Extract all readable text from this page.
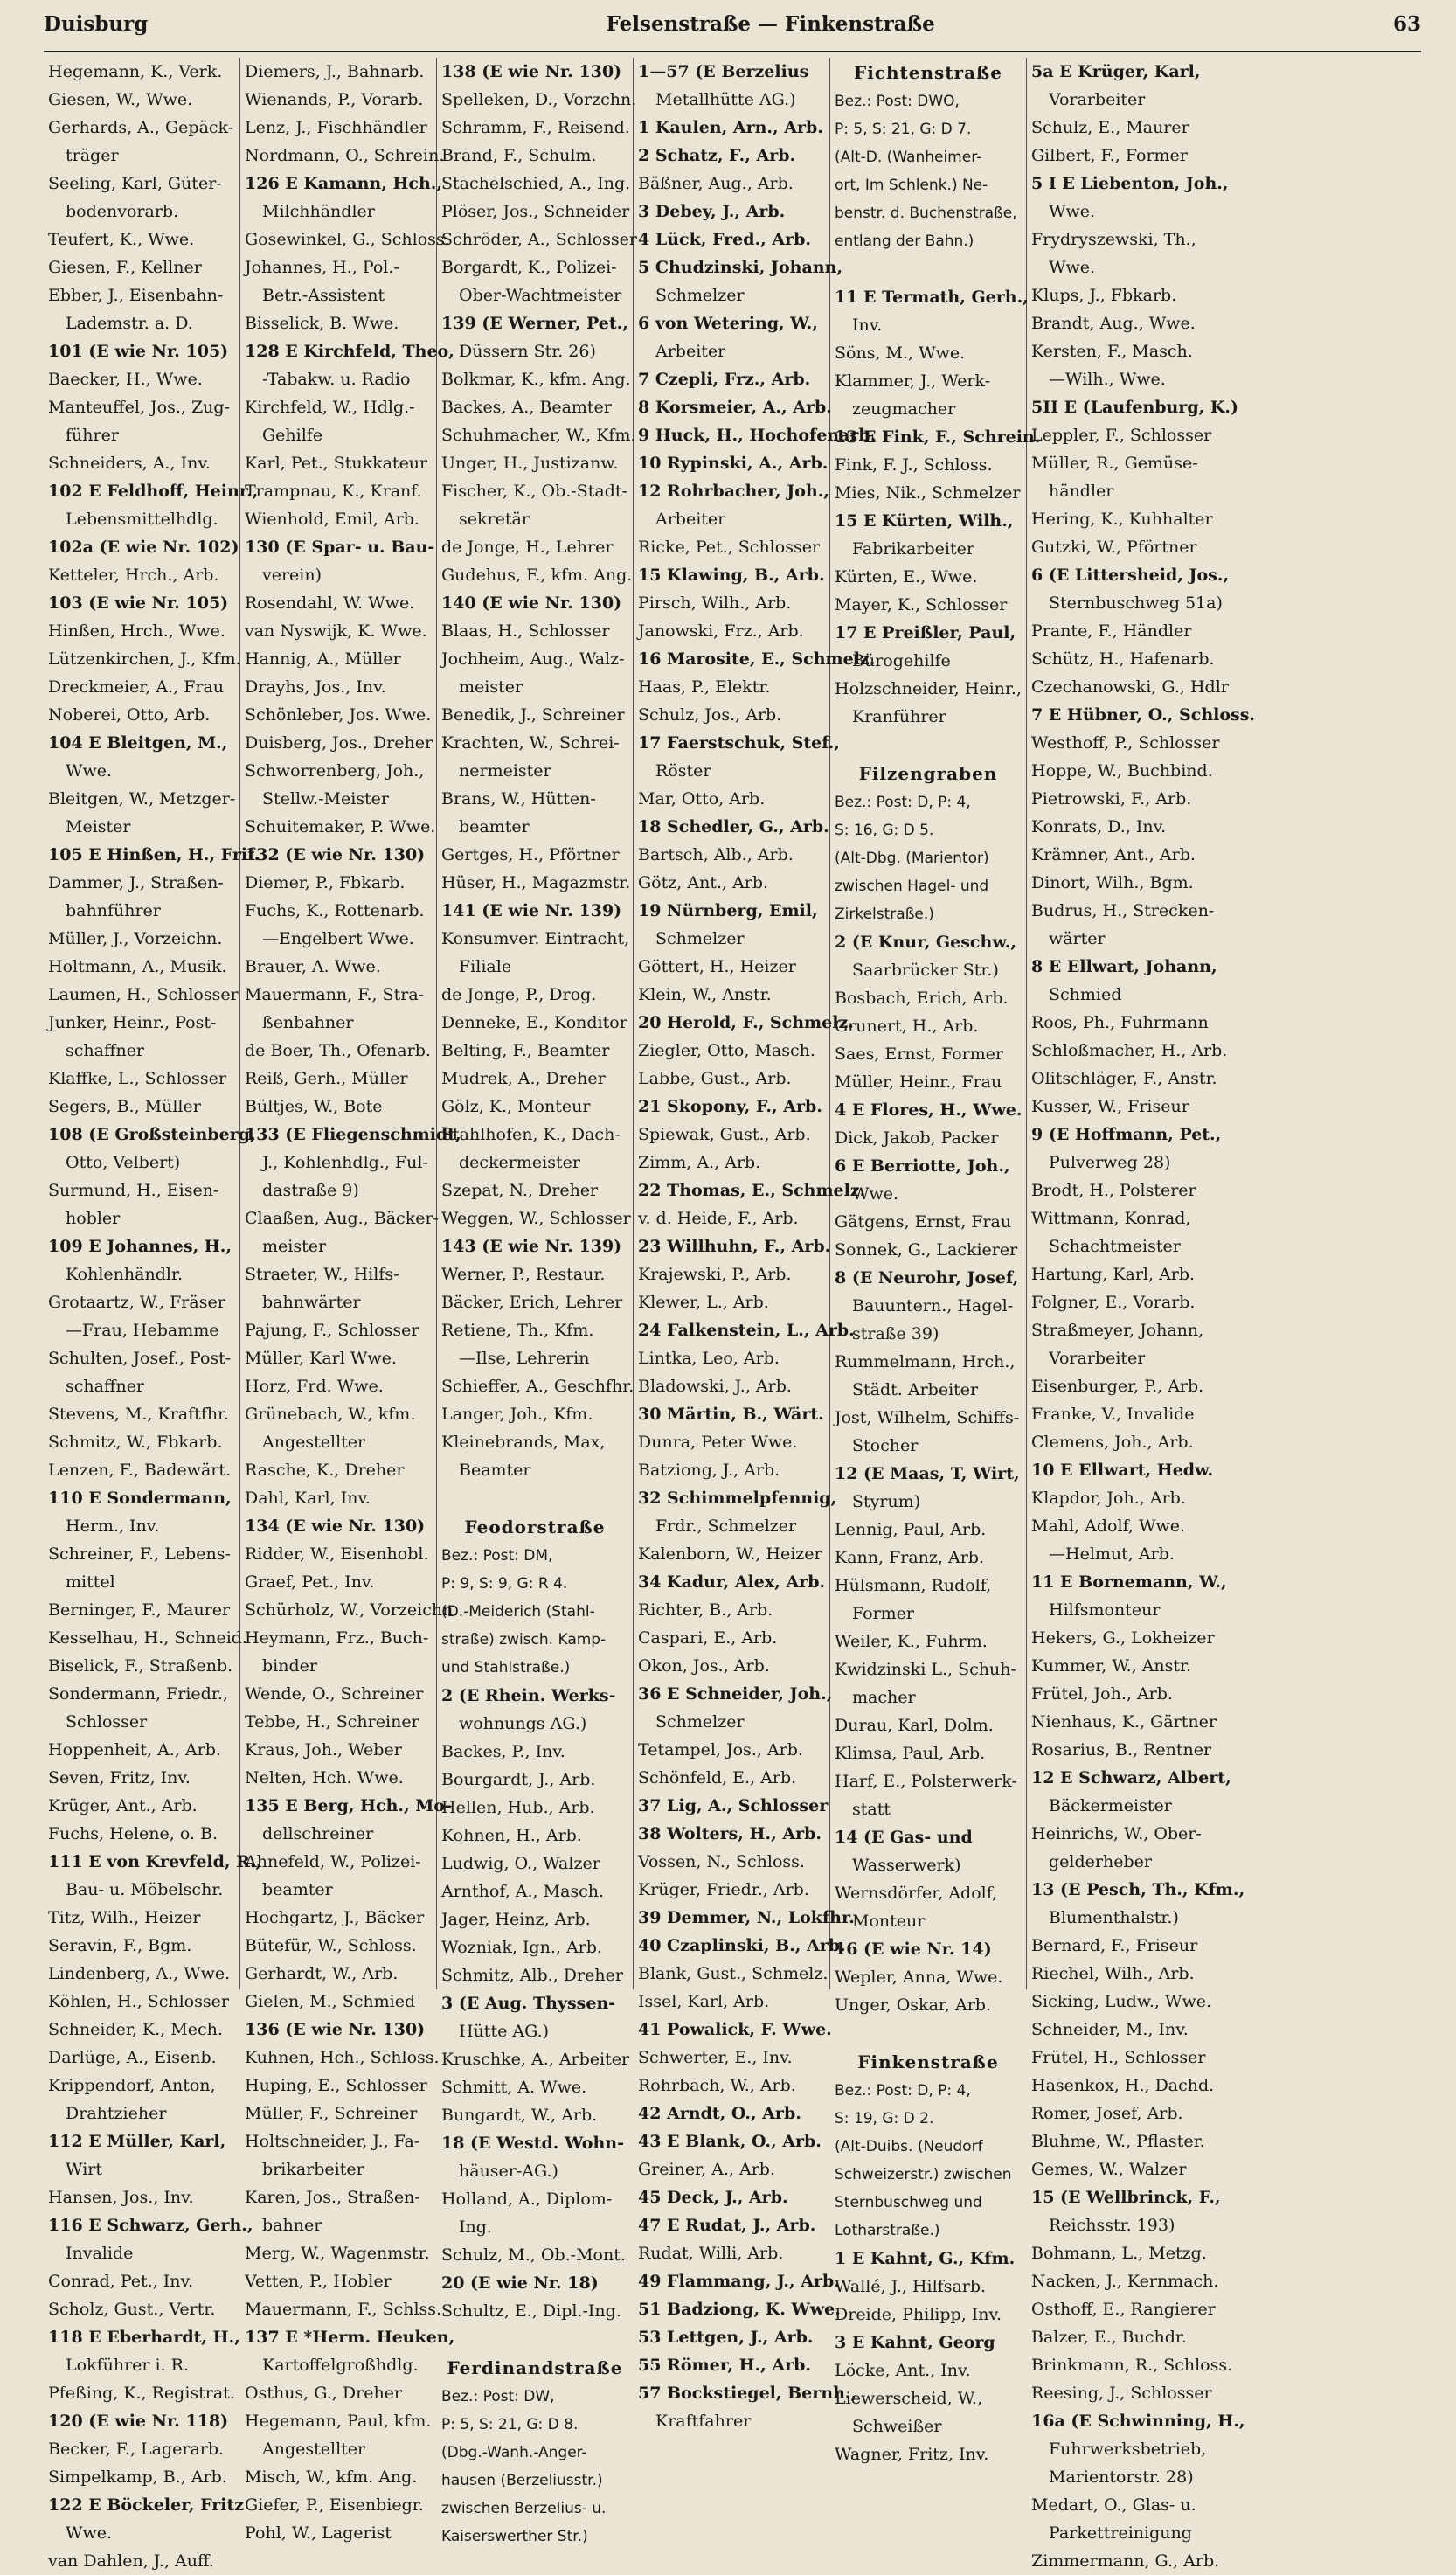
Duisburg	Felsenstraße — Finkenstraße	63
Hegemann, K., Verk.
Giesen, W., Wwe.
Gerhards, A., Gepäck-
träger
Seeling, Karl, Güter-
bodenvorarb.
Teufert, K., Wwe.
Giesen, F., Kellner
Ebber, J., Eisenbahn-
Lademstr. a. D.
101 (E wie Nr. 105)
Baecker, H., Wwe.
Manteuffel, Jos., Zug-
führer
Schneiders, A., Inv.
102 E Feldhoff, Heinr.,
Lebensmittelhdlg.
102a (E wie Nr. 102)
Ketteler, Hrch., Arb.
103 (E wie Nr. 105)
Hinßen, Hrch., Wwe.
Lützenkirchen, J., Kfm.
Dreckmeier, A., Frau
Noberei, Otto, Arb.
104 E Bleitgen, M.,
Wwe.
Bleitgen, W., Metzger-
Meister
105 E Hinßen, H., Frif.
Dammer, J., Straßen-
bahnführer
Müller, J., Vorzeichn.
Holtmann, A., Musik.
Laumen, H., Schlosser
Junker, Heinr., Post-
schaffner
Klaffke, L., Schlosser
Segers, B., Müller
108 (E Großsteinberg,
Otto, Velbert)
Surmund, H., Eisen-
hobler
109 E Johannes, H.,
Kohlenhändlr.
Grotaartz, W., Fräser
—Frau, Hebamme
Schulten, Josef., Post-
schaffner
Stevens, M., Kraftfhr.
Schmitz, W., Fbkarb.
Lenzen, F., Badewärt.
110 E Sondermann,
Herm., Inv.
Schreiner, F., Lebens-
mittel
Berninger, F., Maurer
Kesselhau, H., Schneid.
Biselick, F., Straßenb.
Sondermann, Friedr.,
Schlosser
Hoppenheit, A., Arb.
Seven, Fritz, Inv.
Krüger, Ant., Arb.
Fuchs, Helene, o. B.
111 E von Krevfeld, R.,
Bau- u. Möbelschr.
Titz, Wilh., Heizer
Seravin, F., Bgm.
Lindenberg, A., Wwe.
Köhlen, H., Schlosser
Schneider, K., Mech.
Darlüge, A., Eisenb.
Krippendorf, Anton,
Drahtzieher
112 E Müller, Karl,
Wirt
Hansen, Jos., Inv.
116 E Schwarz, Gerh.,
Invalide
Conrad, Pet., Inv.
Scholz, Gust., Vertr.
118 E Eberhardt, H.,
Lokführer i. R.
Pfeßing, K., Registrat.
120 (E wie Nr. 118)
Becker, F., Lagerarb.
Simpelkamp, B., Arb.
122 E Böckeler, Fritz
Wwe.
van Dahlen, J., Auff.
Diemers, J., Bahnarb.
Wienands, P., Vorarb.
Lenz, J., Fischhändler
Nordmann, O., Schrein.
126 E Kamann, Hch.,
Milchhändler
Gosewinkel, G., Schloss.
Johannes, H., Pol.-
Betr.-Assistent
Bisselick, B. Wwe.
128 E Kirchfeld, Theo,
-Tabakw. u. Radio
Kirchfeld, W., Hdlg.-
Gehilfe
Karl, Pet., Stukkateur
Trampnau, K., Kranf.
Wienhold, Emil, Arb.
130 (E Spar- u. Bau-
verein)
Rosendahl, W. Wwe.
van Nyswijk, K. Wwe.
Hannig, A., Müller
Drayhs, Jos., Inv.
Schönleber, Jos. Wwe.
Duisberg, Jos., Dreher
Schworrenberg, Joh.,
Stellw.-Meister
Schuitemaker, P. Wwe.
132 (E wie Nr. 130)
Diemer, P., Fbkarb.
Fuchs, K., Rottenarb.
—Engelbert Wwe.
Brauer, A. Wwe.
Mauermann, F., Stra-
ßenbahner
de Boer, Th., Ofenarb.
Reiß, Gerh., Müller
Bültjes, W., Bote
133 (E Fliegenschmidt,
J., Kohlenhdlg., Ful-
dastraße 9)
Claaßen, Aug., Bäcker-
meister
Straeter, W., Hilfs-
bahnwärter
Pajung, F., Schlosser
Müller, Karl Wwe.
Horz, Frd. Wwe.
Grünebach, W., kfm.
Angestellter
Rasche, K., Dreher
Dahl, Karl, Inv.
134 (E wie Nr. 130)
Ridder, W., Eisenhobl.
Graef, Pet., Inv.
Schürholz, W., Vorzeichn.
Heymann, Frz., Buch-
binder
Wende, O., Schreiner
Tebbe, H., Schreiner
Kraus, Joh., Weber
Nelten, Hch. Wwe.
135 E Berg, Hch., Mo-
dellschreiner
Ahnefeld, W., Polizei-
beamter
Hochgartz, J., Bäcker
Bütefür, W., Schloss.
Gerhardt, W., Arb.
Gielen, M., Schmied
136 (E wie Nr. 130)
Kuhnen, Hch., Schloss.
Huping, E., Schlosser
Müller, F., Schreiner
Holtschneider, J., Fa-
brikarbeiter
Karen, Jos., Straßen-
bahner
Merg, W., Wagenmstr.
Vetten, P., Hobler
Mauermann, F., Schlss.
137 E *Herm. Heuken,
Kartoffelgroßhdlg.
Osthus, G., Dreher
Hegemann, Paul, kfm.
Angestellter
Misch, W., kfm. Ang.
Giefer, P., Eisenbiegr.
Pohl, W., Lagerist
138 (E wie Nr. 130)
Spelleken, D., Vorzchn.
Schramm, F., Reisend.
Brand, F., Schulm.
Stachelschied, A., Ing.
Plöser, Jos., Schneider
Schröder, A., Schlosser
Borgardt, K., Polizei-
Ober-Wachtmeister
139 (E Werner, Pet.,
Düssern Str. 26)
Bolkmar, K., kfm. Ang.
Backes, A., Beamter
Schuhmacher, W., Kfm.
Unger, H., Justizanw.
Fischer, K., Ob.-Stadt-
sekretär
de Jonge, H., Lehrer
Gudehus, F., kfm. Ang.
140 (E wie Nr. 130)
Blaas, H., Schlosser
Jochheim, Aug., Walz-
meister
Benedik, J., Schreiner
Krachten, W., Schrei-
nermeister
Brans, W., Hütten-
beamter
Gertges, H., Pförtner
Hüser, H., Magazmstr.
141 (E wie Nr. 139)
Konsumver. Eintracht,
Filiale
de Jonge, P., Drog.
Denneke, E., Konditor
Belting, F., Beamter
Mudrek, A., Dreher
Gölz, K., Monteur
Stahlhofen, K., Dach-
deckermeister
Szepat, N., Dreher
Weggen, W., Schlosser
143 (E wie Nr. 139)
Werner, P., Restaur.
Bäcker, Erich, Lehrer
Retiene, Th., Kfm.
—Ilse, Lehrerin
Schieffer, A., Geschfhr.
Langer, Joh., Kfm.
Kleinebrands, Max,
Beamter
Feodorstraße
Bez.: Post: DM,
P: 9, S: 9, G: R 4.
(D.-Meiderich (Stahl-
straße) zwisch. Kamp-
und Stahlstraße.)
2 (E Rhein. Werks-
wohnungs AG.)
Backes, P., Inv.
Bourgardt, J., Arb.
Hellen, Hub., Arb.
Kohnen, H., Arb.
Ludwig, O., Walzer
Arnthof, A., Masch.
Jager, Heinz, Arb.
Wozniak, Ign., Arb.
Schmitz, Alb., Dreher
3 (E Aug. Thyssen-
Hütte AG.)
Kruschke, A., Arbeiter
Schmitt, A. Wwe.
Bungardt, W., Arb.
18 (E Westd. Wohn-
häuser-AG.)
Holland, A., Diplom-
Ing.
Schulz, M., Ob.-Mont.
20 (E wie Nr. 18)
Schultz, E., Dipl.-Ing.
Ferdinandstraße
Bez.: Post: DW,
P: 5, S: 21, G: D 8.
(Dbg.-Wanh.-Anger-
hausen (Berzeliusstr.)
zwischen Berzelius- u.
Kaiserswerther Str.)
1—57 (E Berzelius
Metallhütte AG.)
1 Kaulen, Arn., Arb.
2 Schatz, F., Arb.
Bäßner, Aug., Arb.
3 Debey, J., Arb.
4 Lück, Fred., Arb.
5 Chudzinski, Johann,
Schmelzer
6 von Wetering, W.,
Arbeiter
7 Czepli, Frz., Arb.
8 Korsmeier, A., Arb.
9 Huck, H., Hochofenarb.
10 Rypinski, A., Arb.
12 Rohrbacher, Joh.,
Arbeiter
Ricke, Pet., Schlosser
15 Klawing, B., Arb.
Pirsch, Wilh., Arb.
Janowski, Frz., Arb.
16 Marosite, E., Schmelz.
Haas, P., Elektr.
Schulz, Jos., Arb.
17 Faerstschuk, Stef.,
Röster
Mar, Otto, Arb.
18 Schedler, G., Arb.
Bartsch, Alb., Arb.
Götz, Ant., Arb.
19 Nürnberg, Emil,
Schmelzer
Göttert, H., Heizer
Klein, W., Anstr.
20 Herold, F., Schmelz.
Ziegler, Otto, Masch.
Labbe, Gust., Arb.
21 Skopony, F., Arb.
Spiewak, Gust., Arb.
Zimm, A., Arb.
22 Thomas, E., Schmelz.
v. d. Heide, F., Arb.
23 Willhuhn, F., Arb.
Krajewski, P., Arb.
Klewer, L., Arb.
24 Falkenstein, L., Arb.
Lintka, Leo, Arb.
Bladowski, J., Arb.
30 Märtin, B., Wärt.
Dunra, Peter Wwe.
Batziong, J., Arb.
32 Schimmelpfennig,
Frdr., Schmelzer
Kalenborn, W., Heizer
34 Kadur, Alex, Arb.
Richter, B., Arb.
Caspari, E., Arb.
Okon, Jos., Arb.
36 E Schneider, Joh.,
Schmelzer
Tetampel, Jos., Arb.
Schönfeld, E., Arb.
37 Lig, A., Schlosser
38 Wolters, H., Arb.
Vossen, N., Schloss.
Krüger, Friedr., Arb.
39 Demmer, N., Lokfhr.
40 Czaplinski, B., Arb.
Blank, Gust., Schmelz.
Issel, Karl, Arb.
41 Powalick, F. Wwe.
Schwerter, E., Inv.
Rohrbach, W., Arb.
42 Arndt, O., Arb.
43 E Blank, O., Arb.
Greiner, A., Arb.
45 Deck, J., Arb.
47 E Rudat, J., Arb.
Rudat, Willi, Arb.
49 Flammang, J., Arb.
51 Badziong, K. Wwe.
53 Lettgen, J., Arb.
55 Römer, H., Arb.
57 Bockstiegel, Bernh.,
Kraftfahrer
Fichtenstraße
Bez.: Post: DWO,
P: 5, S: 21, G: D 7.
(Alt-D. (Wanheimer-
ort, Im Schlenk.) Ne-
benstr. d. Buchenstraße,
entlang der Bahn.)
11 E Termath, Gerh.,
Inv.
Söns, M., Wwe.
Klammer, J., Werk-
zeugmacher
13 E Fink, F., Schrein.
Fink, F. J., Schloss.
Mies, Nik., Schmelzer
15 E Kürten, Wilh.,
Fabrikarbeiter
Kürten, E., Wwe.
Mayer, K., Schlosser
17 E Preißler, Paul,
Bürogehilfe
Holzschneider, Heinr.,
Kranführer
Filzengraben
Bez.: Post: D, P: 4,
S: 16, G: D 5.
(Alt-Dbg. (Marientor)
zwischen Hagel- und
Zirkelstraße.)
2 (E Knur, Geschw.,
Saarbrücker Str.)
Bosbach, Erich, Arb.
Grunert, H., Arb.
Saes, Ernst, Former
Müller, Heinr., Frau
4 E Flores, H., Wwe.
Dick, Jakob, Packer
6 E Berriotte, Joh.,
Wwe.
Gätgens, Ernst, Frau
Sonnek, G., Lackierer
8 (E Neurohr, Josef,
Bauuntern., Hagel-
straße 39)
Rummelmann, Hrch.,
Städt. Arbeiter
Jost, Wilhelm, Schiffs-
Stocher
12 (E Maas, T, Wirt,
Styrum)
Lennig, Paul, Arb.
Kann, Franz, Arb.
Hülsmann, Rudolf,
Former
Weiler, K., Fuhrm.
Kwidzinski L., Schuh-
macher
Durau, Karl, Dolm.
Klimsa, Paul, Arb.
Harf, E., Polsterwerk-
statt
14 (E Gas- und
Wasserwerk)
Wernsdörfer, Adolf,
Monteur
16 (E wie Nr. 14)
Wepler, Anna, Wwe.
Unger, Oskar, Arb.
Finkenstraße
Bez.: Post: D, P: 4,
S: 19, G: D 2.
(Alt-Duibs. (Neudorf
Schweizerstr.) zwischen
Sternbuschweg und
Lotharstraße.)
1 E Kahnt, G., Kfm.
Wallé, J., Hilfsarb.
Dreide, Philipp, Inv.
3 E Kahnt, Georg
Löcke, Ant., Inv.
Liewerscheid, W.,
Schweißer
Wagner, Fritz, Inv.
5a E Krüger, Karl,
Vorarbeiter
Schulz, E., Maurer
Gilbert, F., Former
5 I E Liebenton, Joh.,
Wwe.
Frydryszewski, Th.,
Wwe.
Klups, J., Fbkarb.
Brandt, Aug., Wwe.
Kersten, F., Masch.
—Wilh., Wwe.
5II E (Laufenburg, K.)
Leppler, F., Schlosser
Müller, R., Gemüse-
händler
Hering, K., Kuhhalter
Gutzki, W., Pförtner
6 (E Littersheid, Jos.,
Sternbuschweg 51a)
Prante, F., Händler
Schütz, H., Hafenarb.
Czechanowski, G., Hdlr
7 E Hübner, O., Schloss.
Westhoff, P., Schlosser
Hoppe, W., Buchbind.
Pietrowski, F., Arb.
Konrats, D., Inv.
Krämner, Ant., Arb.
Dinort, Wilh., Bgm.
Budrus, H., Strecken-
wärter
8 E Ellwart, Johann,
Schmied
Roos, Ph., Fuhrmann
Schloßmacher, H., Arb.
Olitschläger, F., Anstr.
Kusser, W., Friseur
9 (E Hoffmann, Pet.,
Pulverweg 28)
Brodt, H., Polsterer
Wittmann, Konrad,
Schachtmeister
Hartung, Karl, Arb.
Folgner, E., Vorarb.
Straßmeyer, Johann,
Vorarbeiter
Eisenburger, P., Arb.
Franke, V., Invalide
Clemens, Joh., Arb.
10 E Ellwart, Hedw.
Klapdor, Joh., Arb.
Mahl, Adolf, Wwe.
—Helmut, Arb.
11 E Bornemann, W.,
Hilfsmonteur
Hekers, G., Lokheizer
Kummer, W., Anstr.
Frütel, Joh., Arb.
Nienhaus, K., Gärtner
Rosarius, B., Rentner
12 E Schwarz, Albert,
Bäckermeister
Heinrichs, W., Ober-
gelderheber
13 (E Pesch, Th., Kfm.,
Blumenthalstr.)
Bernard, F., Friseur
Riechel, Wilh., Arb.
Sicking, Ludw., Wwe.
Schneider, M., Inv.
Frütel, H., Schlosser
Hasenkox, H., Dachd.
Romer, Josef, Arb.
Bluhme, W., Pflaster.
Gemes, W., Walzer
15 (E Wellbrinck, F.,
Reichsstr. 193)
Bohmann, L., Metzg.
Nacken, J., Kernmach.
Osthoff, E., Rangierer
Balzer, E., Buchdr.
Brinkmann, R., Schloss.
Reesing, J., Schlosser
16a (E Schwinning, H.,
Fuhrwerksbetrieb,
Marientorstr. 28)
Medart, O., Glas- u.
Parkettreinigung
Zimmermann, G., Arb.
